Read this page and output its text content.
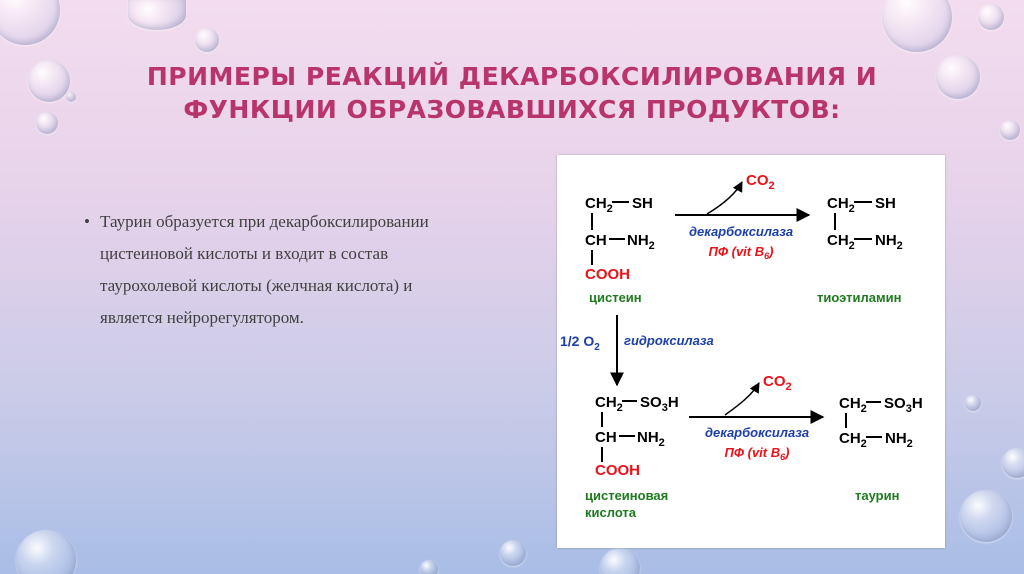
ПРИМЕРЫ РЕАКЦИЙ ДЕКАРБОКСИЛИРОВАНИЯ И
ФУНКЦИИ ОБРАЗОВАВШИХСЯ ПРОДУКТОВ:
• Таурин образуется при декарбоксилировании
цистеиновой кислоты и входит в состав
таурохолевой кислоты (желчная кислота) и
является нейрорегулятором.
$CH_2$ SH
CH $NH_2$
COOH
цистеин
$CO_2$
декарбоксилаза
ПФ (vit $B_6$)
$CH_2$ SH
$CH_2$ $NH_2$
тиоэтиламин
1/2 $O_2$ гидроксилаза
$CH_2$ $SO_3H$
CH $NH_2$
COOH
цистеиновая
кислота
$CO_2$
декарбоксилаза
ПФ (vit $B_6$)
$CH_2$ $SO_3H$
$CH_2$ $NH_2$
таурин
